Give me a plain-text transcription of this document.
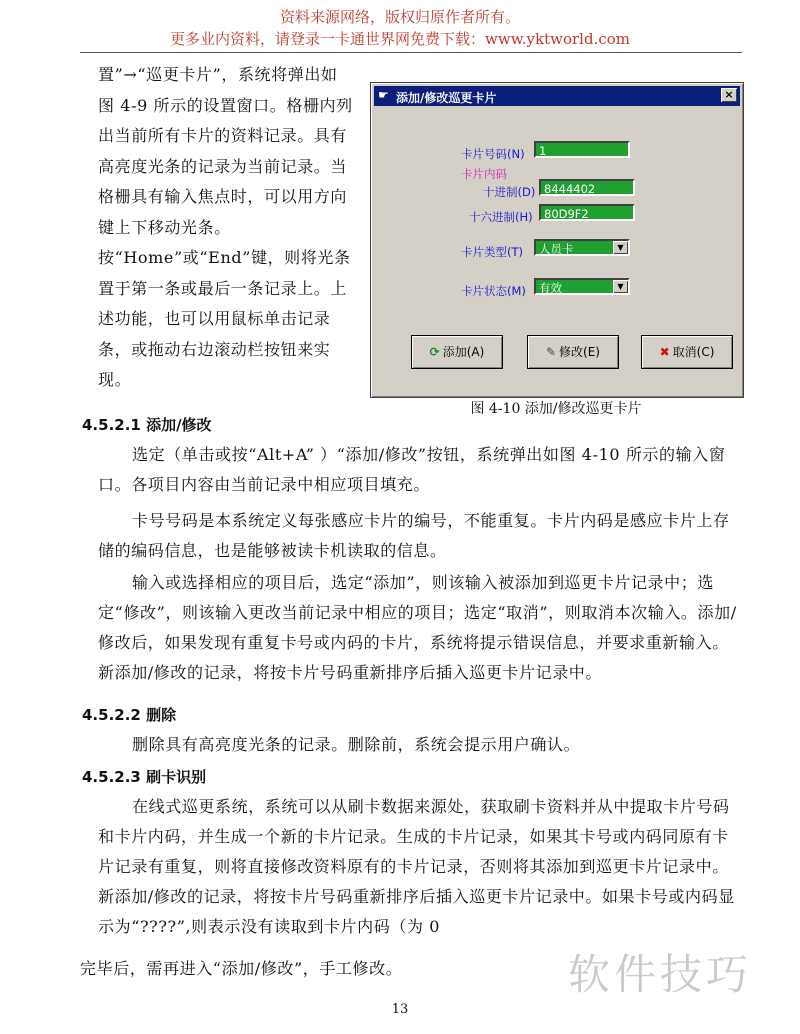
资料来源网络，版权归原作者所有。
更多业内资料，请登录一卡通世界网免费下载：www.yktworld.com
置”→“巡更卡片”，系统将弹出如图 4-9 所示的设置窗口。格栅内列出当前所有卡片的资料记录。具有高亮度光条的记录为当前记录。当格栅具有输入焦点时，可以用方向键上下移动光条。按“Home”或“End”键，则将光条置于第一条或最后一条记录上。上述功能，也可以用鼠标单击记录条，或拖动右边滚动栏按钮来实现。
☛ 添加/修改巡更卡片	×
卡片号码(N)	1
卡片内码
十进制(D) 8444402
十六进制(H) 80D9F2
卡片类型(T)	人员卡	▼
卡片状态(M)	有效	▼
⟳ 添加(A)	✎ 修改(E)	✖ 取消(C)
图 4-10 添加/修改巡更卡片
4.5.2.1 添加/修改
选定（单击或按“Alt+A” ）“添加/修改”按钮，系统弹出如图 4-10 所示的输入窗口。各项目内容由当前记录中相应项目填充。
卡号号码是本系统定义每张感应卡片的编号，不能重复。卡片内码是感应卡片上存储的编码信息，也是能够被读卡机读取的信息。
输入或选择相应的项目后，选定“添加”，则该输入被添加到巡更卡片记录中；选定“修改”，则该输入更改当前记录中相应的项目；选定“取消”，则取消本次输入。添加/修改后，如果发现有重复卡号或内码的卡片，系统将提示错误信息，并要求重新输入。新添加/修改的记录，将按卡片号码重新排序后插入巡更卡片记录中。
4.5.2.2 删除
删除具有高亮度光条的记录。删除前，系统会提示用户确认。
4.5.2.3 刷卡识别
在线式巡更系统，系统可以从刷卡数据来源处，获取刷卡资料并从中提取卡片号码和卡片内码，并生成一个新的卡片记录。生成的卡片记录，如果其卡号或内码同原有卡片记录有重复，则将直接修改资料原有的卡片记录，否则将其添加到巡更卡片记录中。新添加/修改的记录，将按卡片号码重新排序后插入巡更卡片记录中。如果卡号或内码显示为“????”,则表示没有读取到卡片内码（为 0
完毕后，需再进入“添加/修改”，手工修改。	软件技巧
13
